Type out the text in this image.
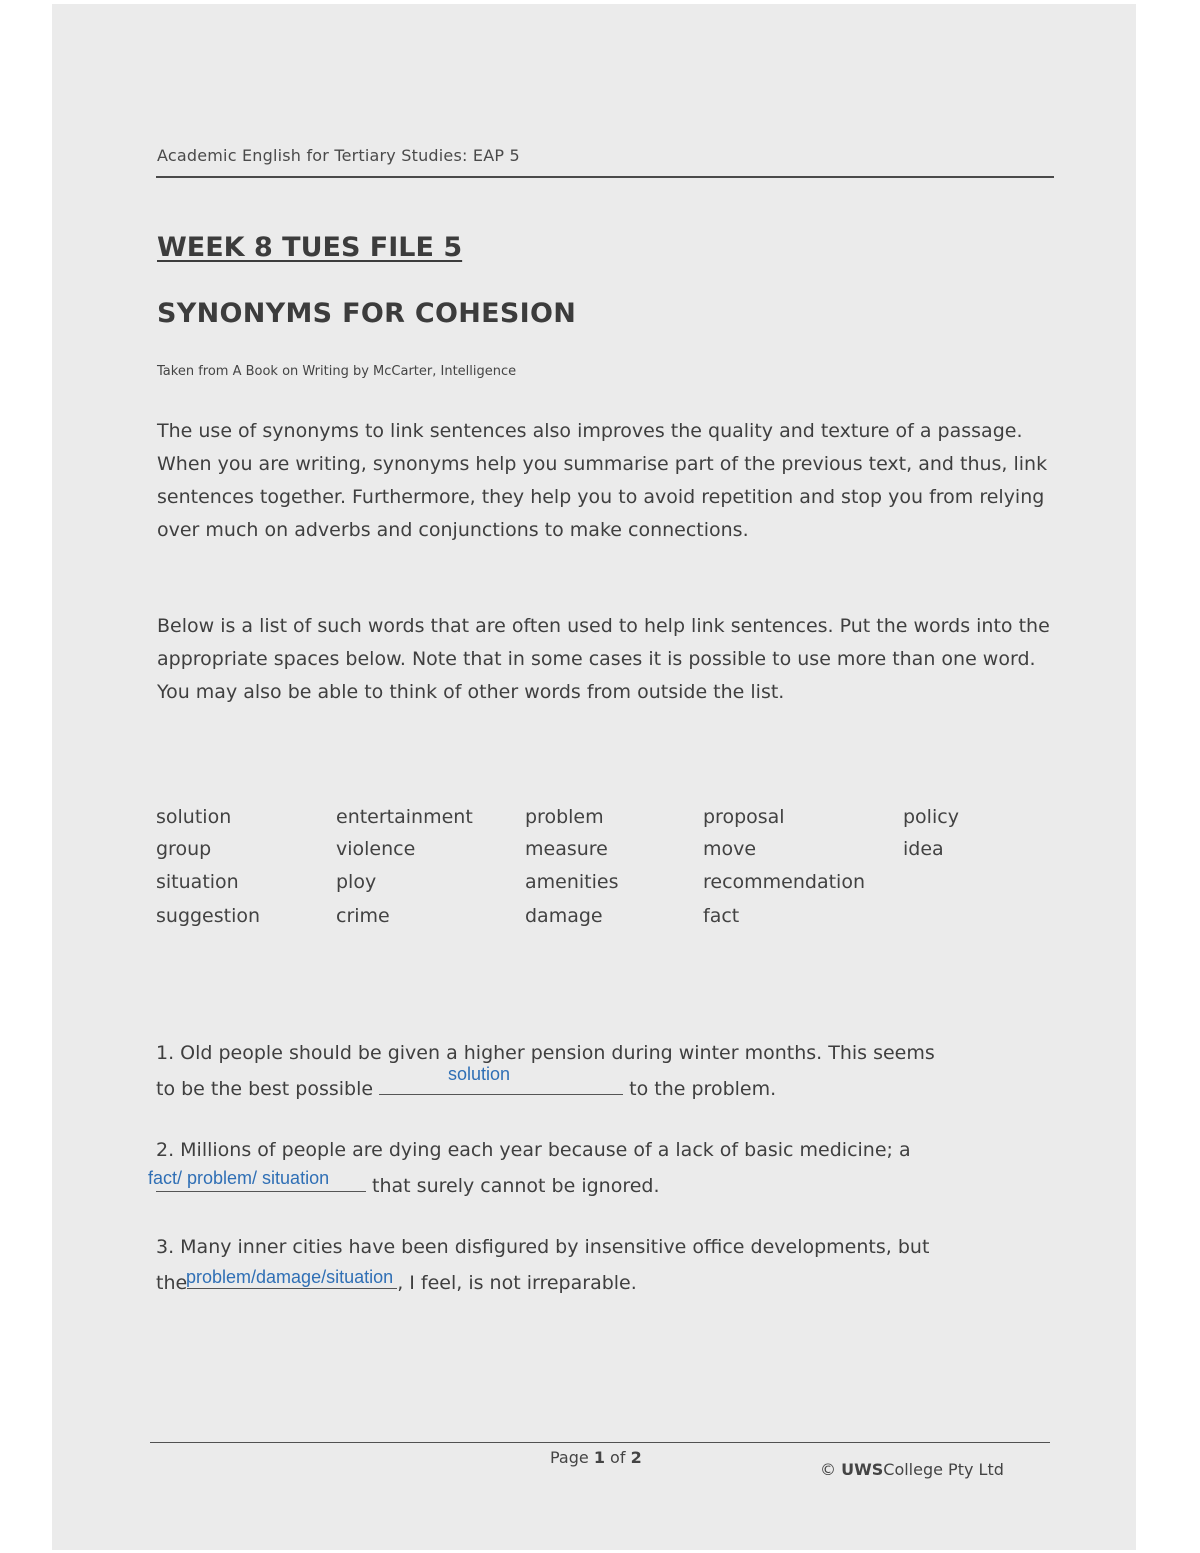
Academic English for Tertiary Studies: EAP 5
WEEK 8 TUES FILE 5
SYNONYMS FOR COHESION
Taken from A Book on Writing by McCarter, Intelligence

The use of synonyms to link sentences also improves the quality and texture of a passage. When you are writing, synonyms help you summarise part of the previous text, and thus, link sentences together. Furthermore, they help you to avoid repetition and stop you from relying over much on adverbs and conjunctions to make connections.

Below is a list of such words that are often used to help link sentences. Put the words into the appropriate spaces below. Note that in some cases it is possible to use more than one word. You may also be able to think of other words from outside the list.

solution	entertainment	problem	proposal	policy
group	violence	measure	move	idea
situation	ploy	amenities	recommendation
suggestion	crime	damage	fact
1. Old people should be given a higher pension during winter months. This seems
to be the best possible	to the problem.
solution
2. Millions of people are dying each year because of a lack of basic medicine; a
that surely cannot be ignored.
fact/ problem/ situation
3. Many inner cities have been disfigured by insensitive office developments, but
the	, I feel, is not irreparable.
problem/damage/situation
Page 1 of 2
© UWSCollege Pty Ltd
